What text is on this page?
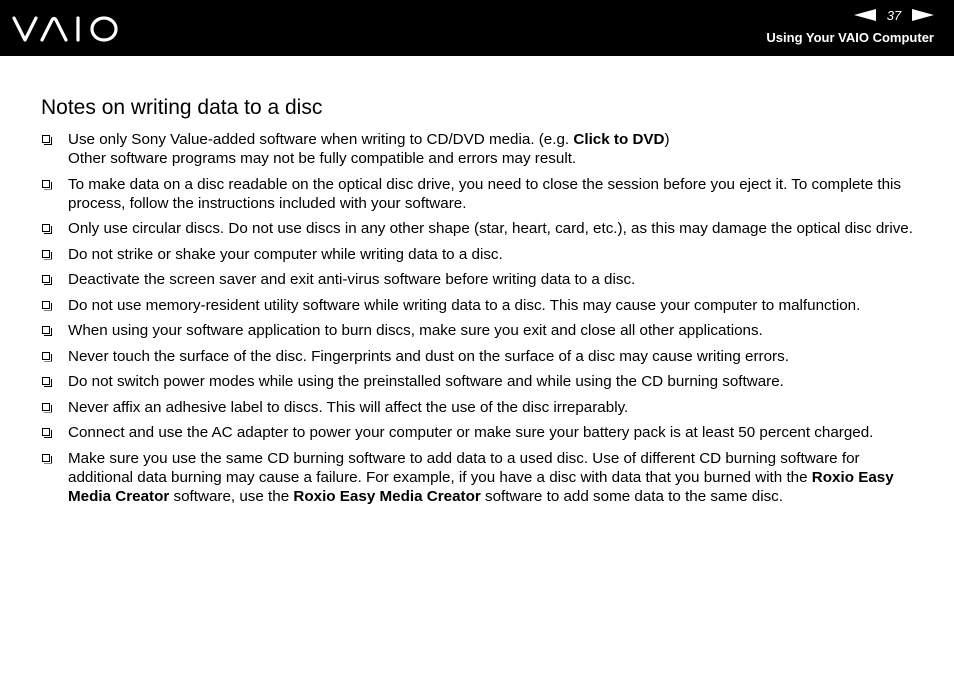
37
Using Your VAIO Computer
Notes on writing data to a disc
Use only Sony Value-added software when writing to CD/DVD media. (e.g. Click to DVD)
Other software programs may not be fully compatible and errors may result.
To make data on a disc readable on the optical disc drive, you need to close the session before you eject it. To complete this process, follow the instructions included with your software.
Only use circular discs. Do not use discs in any other shape (star, heart, card, etc.), as this may damage the optical disc drive.
Do not strike or shake your computer while writing data to a disc.
Deactivate the screen saver and exit anti-virus software before writing data to a disc.
Do not use memory-resident utility software while writing data to a disc. This may cause your computer to malfunction.
When using your software application to burn discs, make sure you exit and close all other applications.
Never touch the surface of the disc. Fingerprints and dust on the surface of a disc may cause writing errors.
Do not switch power modes while using the preinstalled software and while using the CD burning software.
Never affix an adhesive label to discs. This will affect the use of the disc irreparably.
Connect and use the AC adapter to power your computer or make sure your battery pack is at least 50 percent charged.
Make sure you use the same CD burning software to add data to a used disc. Use of different CD burning software for additional data burning may cause a failure. For example, if you have a disc with data that you burned with the Roxio Easy Media Creator software, use the Roxio Easy Media Creator software to add some data to the same disc.
